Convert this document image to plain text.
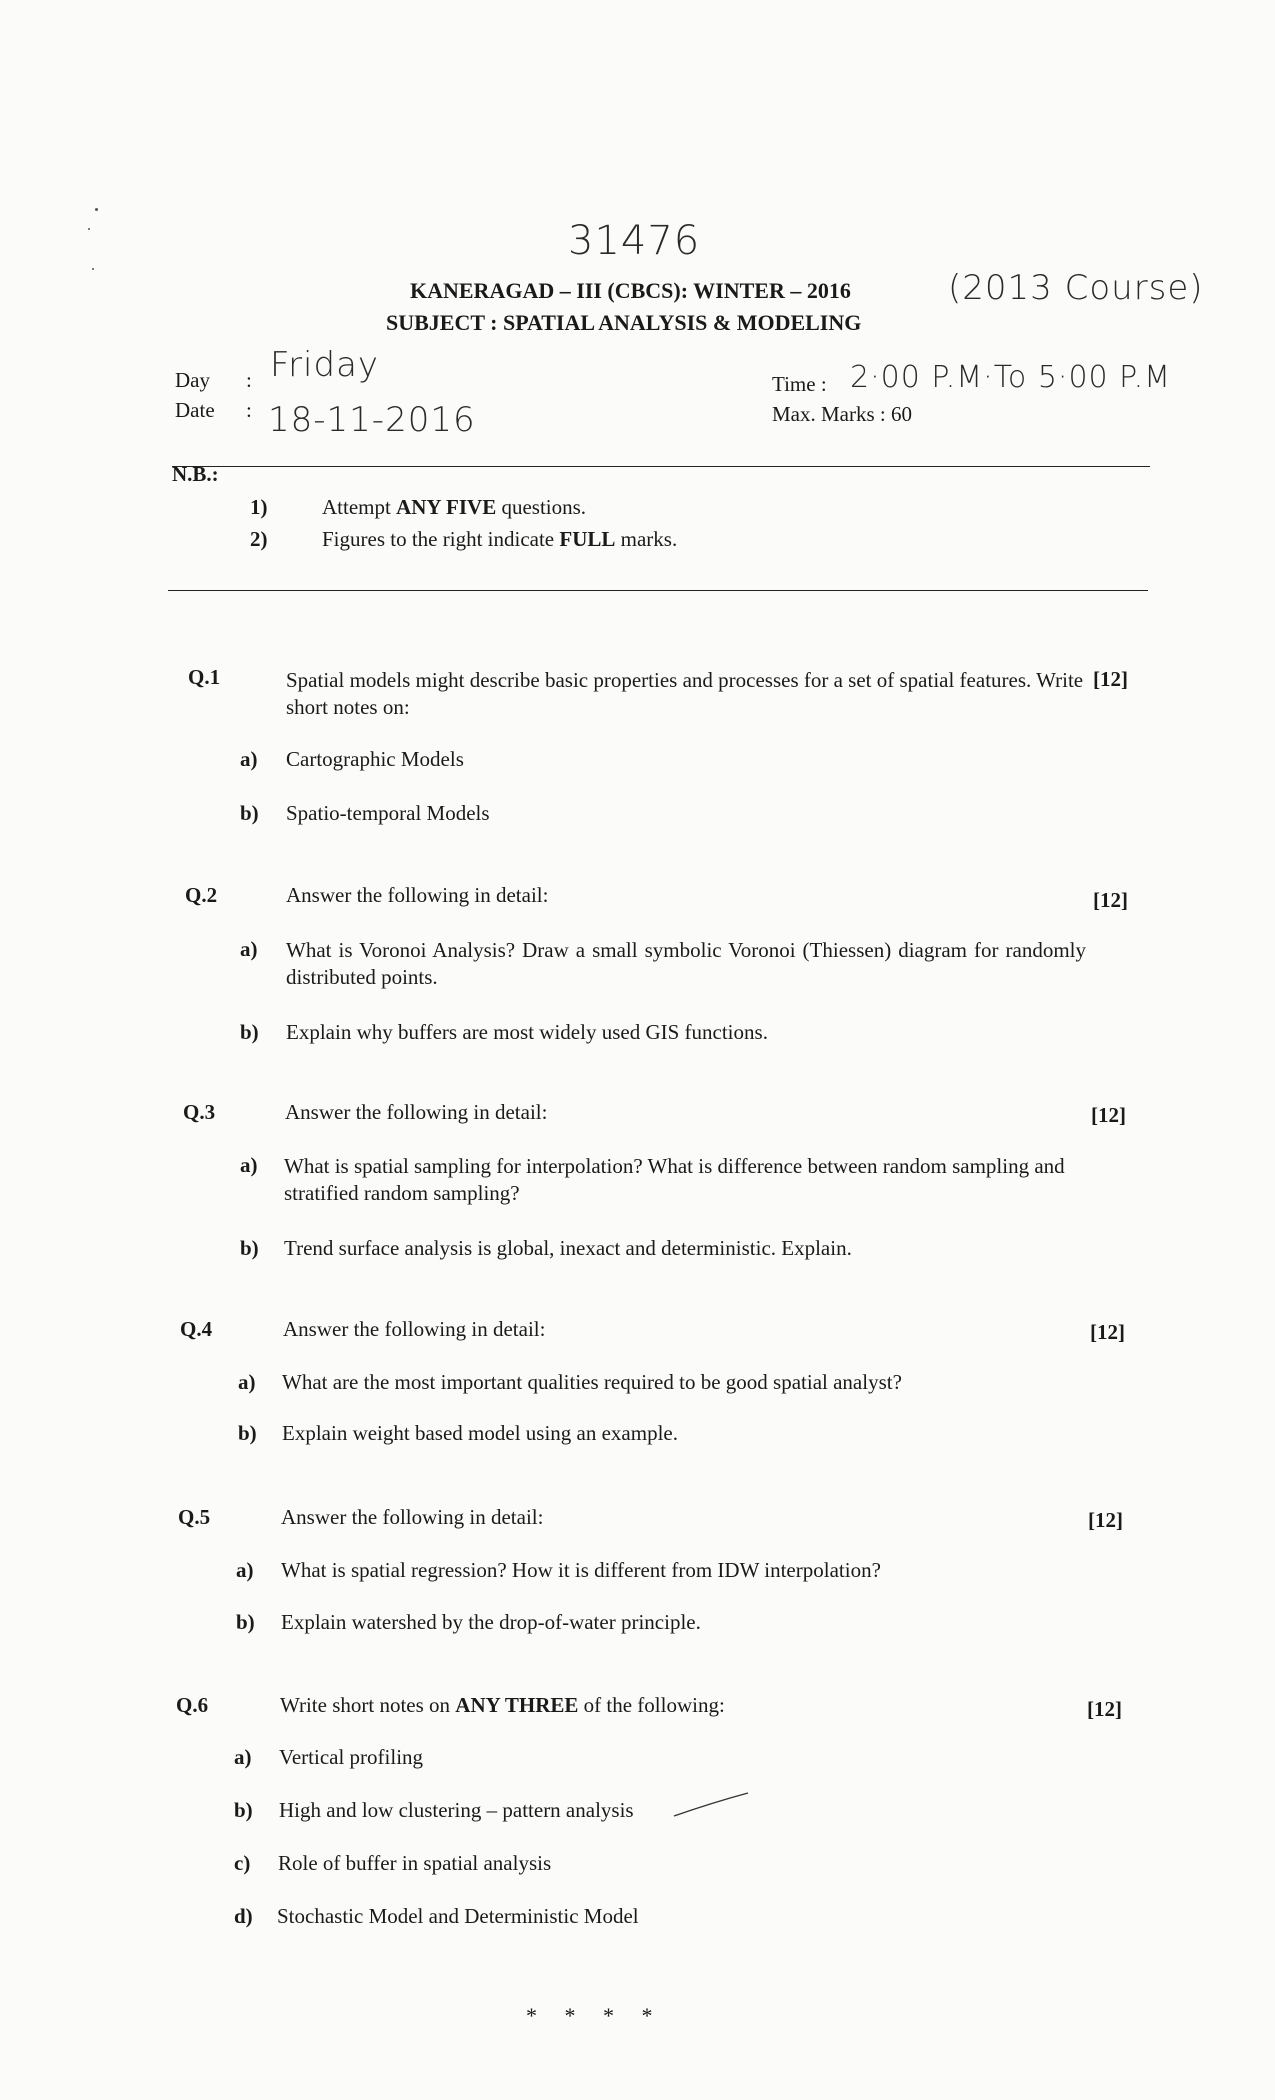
31476
KANERAGAD – III (CBCS): WINTER – 2016	(2013 Course)
SUBJECT : SPATIAL ANALYSIS & MODELING
Day : Friday
Date : 18-11-2016
Time : 2·00 P.M·To 5·00 P.M
Max. Marks : 60
N.B.:
1)	Attempt ANY FIVE questions.
2)	Figures to the right indicate FULL marks.
Q.1	Spatial models might describe basic properties and processes for a set of spatial features. Write short notes on:
[12]
a) Cartographic Models
b) Spatio-temporal Models
Q.2	Answer the following in detail:	[12]
a) What is Voronoi Analysis? Draw a small symbolic Voronoi (Thiessen) diagram for randomly distributed points.
b) Explain why buffers are most widely used GIS functions.
Q.3	Answer the following in detail:	[12]
a) What is spatial sampling for interpolation? What is difference between random sampling and stratified random sampling?
b) Trend surface analysis is global, inexact and deterministic. Explain.
Q.4	Answer the following in detail:	[12]
a) What are the most important qualities required to be good spatial analyst?
b) Explain weight based model using an example.
Q.5	Answer the following in detail:	[12]
a) What is spatial regression? How it is different from IDW interpolation?
b) Explain watershed by the drop-of-water principle.
Q.6	Write short notes on ANY THREE of the following:	[12]
a) Vertical profiling
b) High and low clustering – pattern analysis
c) Role of buffer in spatial analysis
d) Stochastic Model and Deterministic Model
*     *     *     *
